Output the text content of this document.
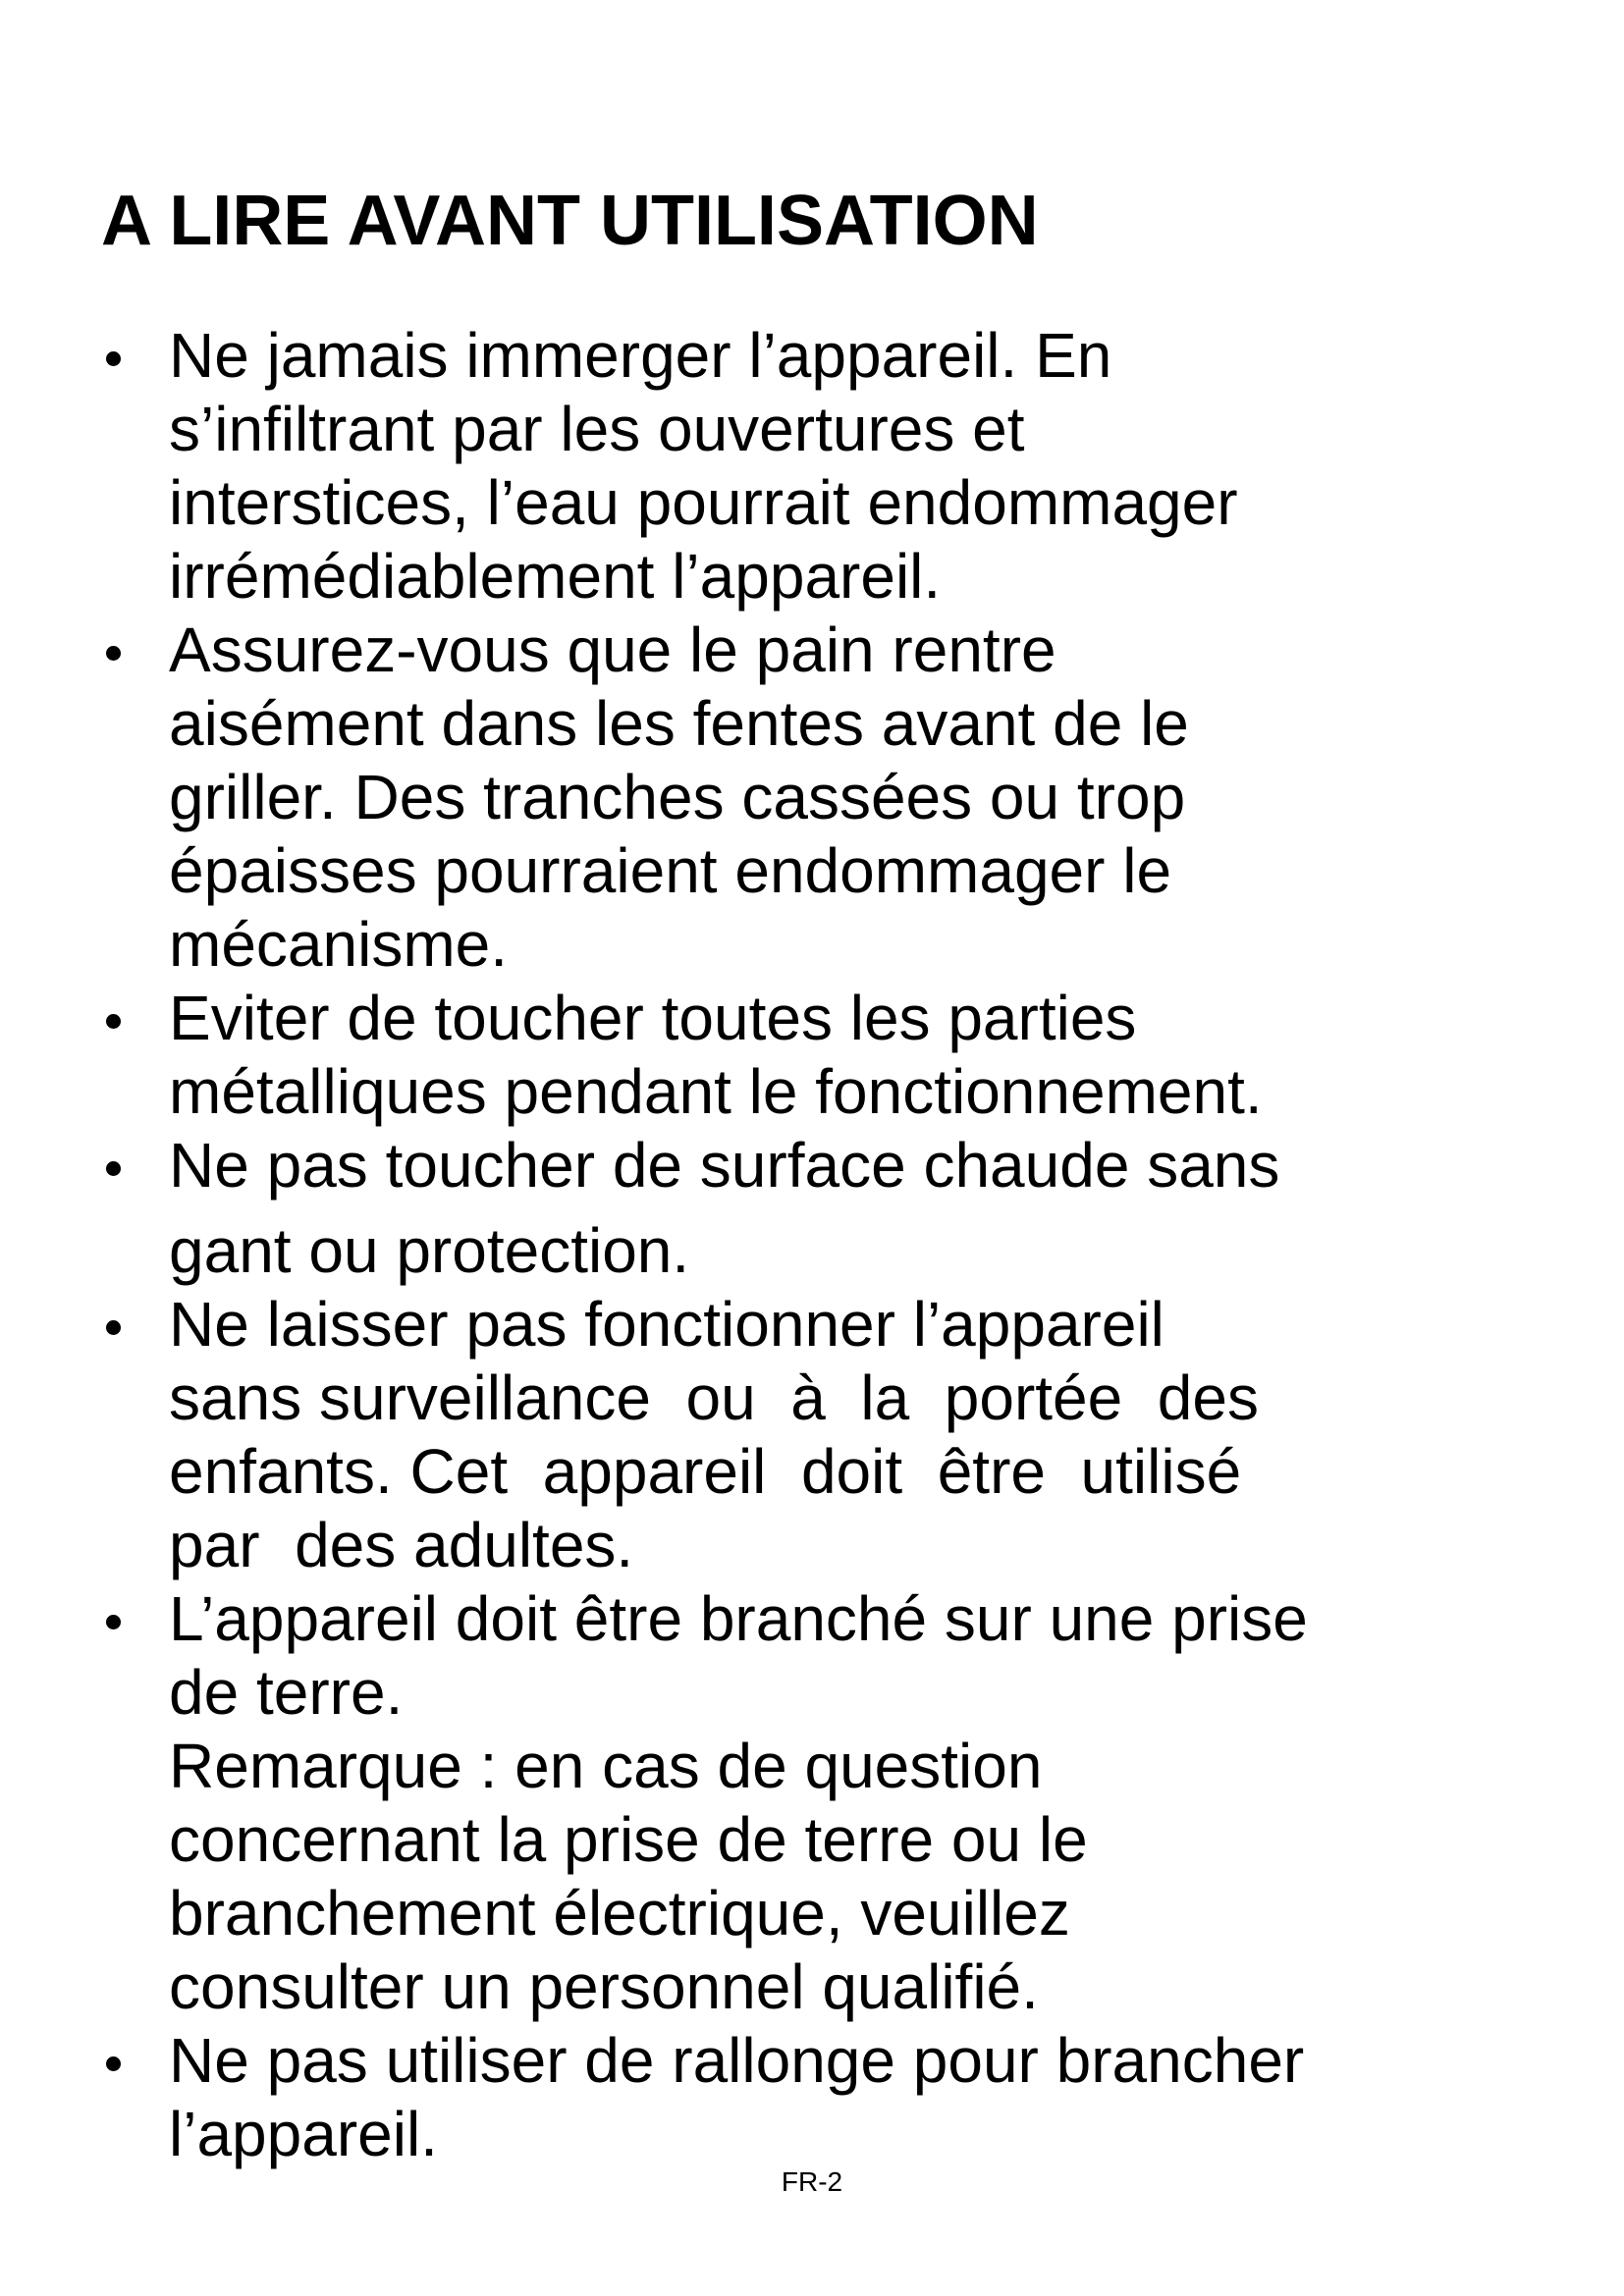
A LIRE AVANT UTILISATION
Ne jamais immerger l’appareil. En
s’infiltrant par les ouvertures et
interstices, l’eau pourrait endommager
irrémédiablement l’appareil.
Assurez-vous que le pain rentre
aisément dans les fentes avant de le
griller. Des tranches cassées ou trop
épaisses pourraient endommager le
mécanisme.
Eviter de toucher toutes les parties
métalliques pendant le fonctionnement.
Ne pas toucher de surface chaude sans
gant ou protection.
Ne laisser pas fonctionner l’appareil
sans surveillance  ou  à  la  portée  des
enfants. Cet  appareil  doit  être  utilisé
par  des adultes.
L’appareil doit être branché sur une prise
de terre.
Remarque : en cas de question
concernant la prise de terre ou le
branchement électrique, veuillez
consulter un personnel qualifié.
Ne pas utiliser de rallonge pour brancher
l’appareil.
FR-2
